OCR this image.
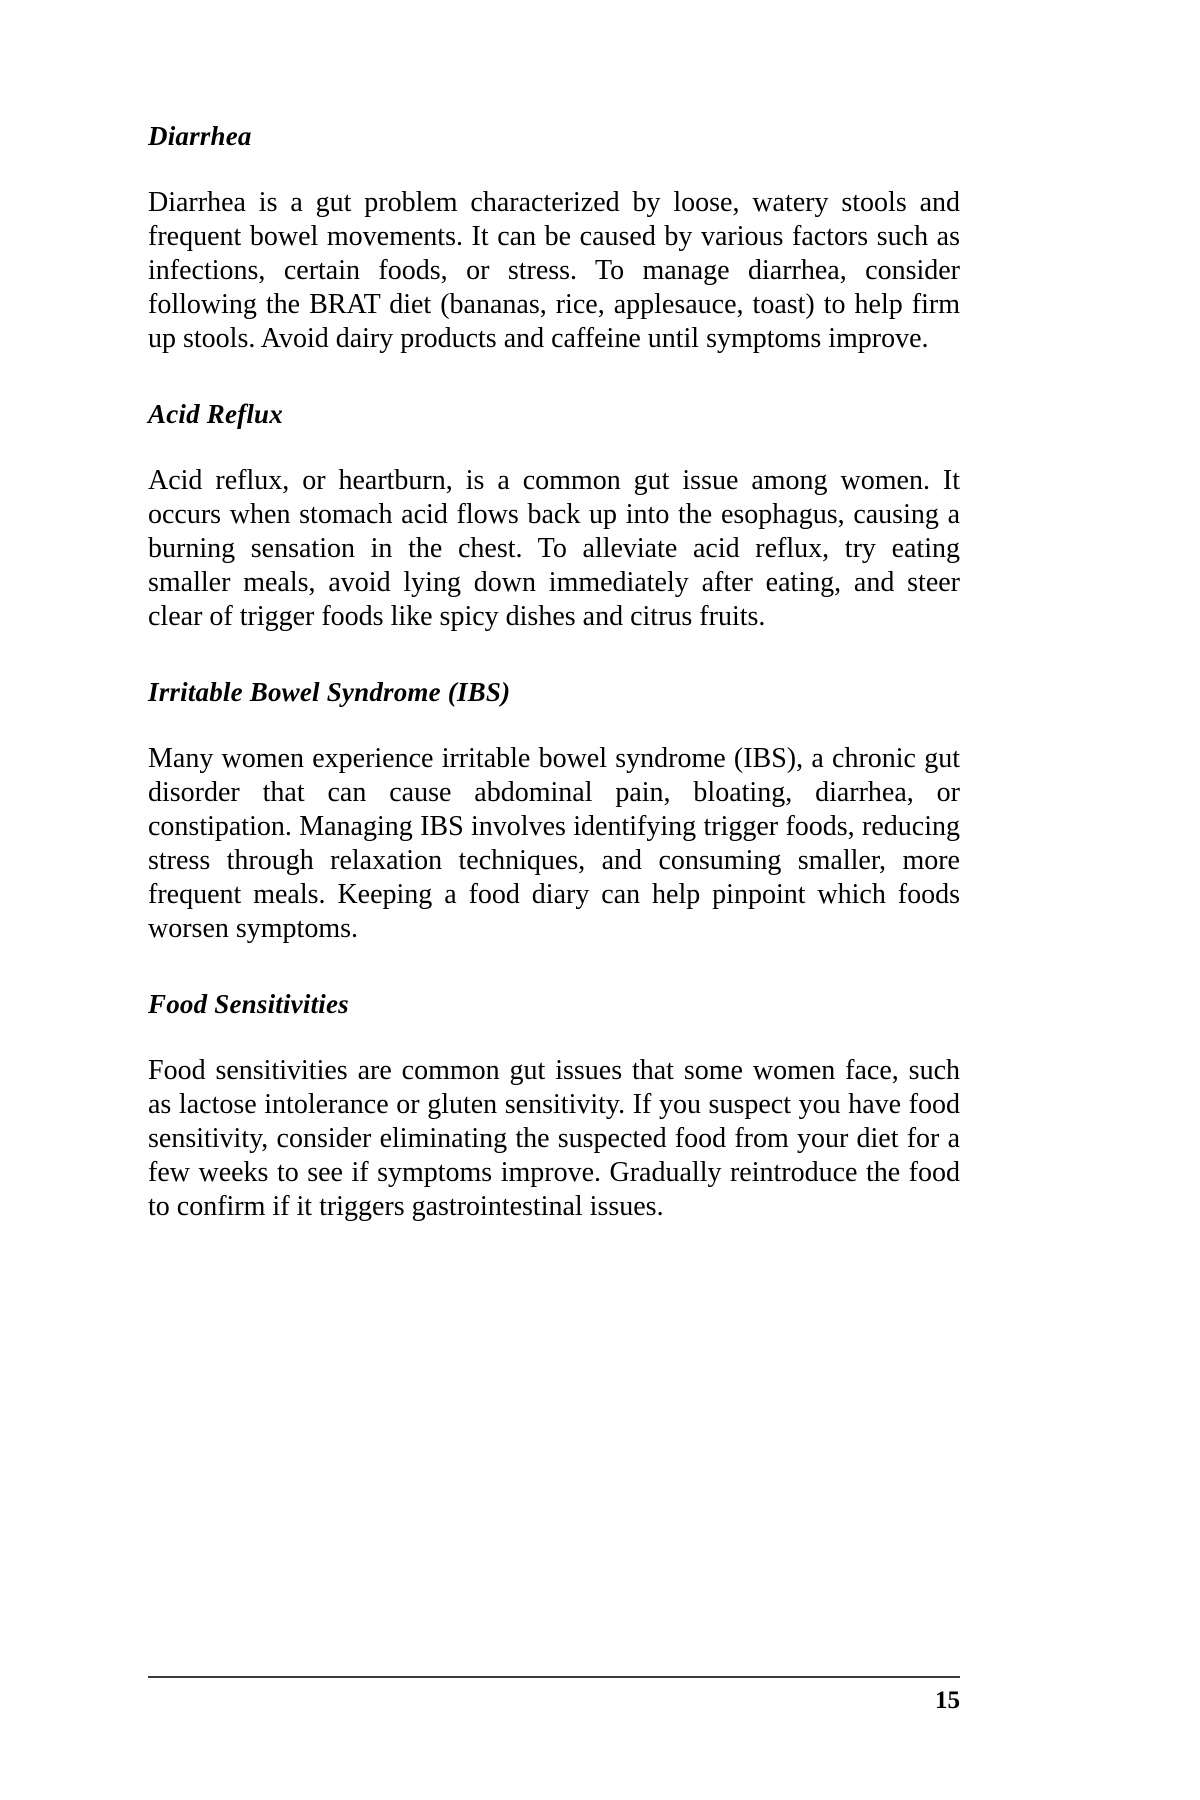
Diarrhea

Diarrhea is a gut problem characterized by loose, watery stools and frequent bowel movements. It can be caused by various factors such as infections, certain foods, or stress. To manage diarrhea, consider following the BRAT diet (bananas, rice, applesauce, toast) to help firm up stools. Avoid dairy products and caffeine until symptoms improve.

Acid Reflux

Acid reflux, or heartburn, is a common gut issue among women. It occurs when stomach acid flows back up into the esophagus, causing a burning sensation in the chest. To alleviate acid reflux, try eating smaller meals, avoid lying down immediately after eating, and steer clear of trigger foods like spicy dishes and citrus fruits.

Irritable Bowel Syndrome (IBS)

Many women experience irritable bowel syndrome (IBS), a chronic gut disorder that can cause abdominal pain, bloating, diarrhea, or constipation. Managing IBS involves identifying trigger foods, reducing stress through relaxation techniques, and consuming smaller, more frequent meals. Keeping a food diary can help pinpoint which foods worsen symptoms.

Food Sensitivities

Food sensitivities are common gut issues that some women face, such as lactose intolerance or gluten sensitivity. If you suspect you have food sensitivity, consider eliminating the suspected food from your diet for a few weeks to see if symptoms improve. Gradually reintroduce the food to confirm if it triggers gastrointestinal issues.

15
